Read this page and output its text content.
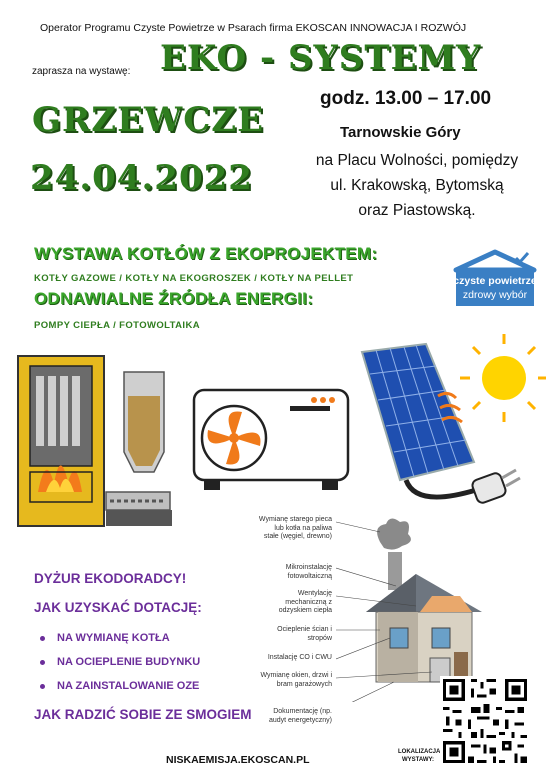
Operator Programu Czyste Powietrze w Psarach firma EKOSCAN INNOWACJA I ROZWÓJ
zaprasza na wystawę: EKO - SYSTEMY
GRZEWCZE
24.04.2022
godz. 13.00 – 17.00
Tarnowskie Góry
na Placu Wolności, pomiędzy
ul. Krakowską, Bytomską
oraz Piastowską.
WYSTAWA KOTŁÓW Z EKOPROJEKTEM:
KOTŁY GAZOWE / KOTŁY NA EKOGROSZEK / KOTŁY NA PELLET
ODNAWIALNE ŹRÓDŁA ENERGII:
POMPY CIEPŁA / FOTOWOLTAIKA
czyste powietrze
zdrowy wybór
Wymianę starego pieca lub kotła na paliwa stałe (węgiel, drewno)
Mikroinstalację fotowoltaiczną
Wentylację mechaniczną z odzyskiem ciepła
Ocieplenie ścian i stropów
Instalację CO i CWU
Wymianę okien, drzwi i bram garażowych
Dokumentację (np. audyt energetyczny)
DYŻUR EKODORADCY!
JAK UZYSKAĆ DOTACJĘ:
NA WYMIANĘ KOTŁA
NA OCIEPLENIE BUDYNKU
NA ZAINSTALOWANIE OZE
JAK RADZIĆ SOBIE ZE SMOGIEM
NISKAEMISJA.EKOSCAN.PL
LOKALIZACJA WYSTAWY:
